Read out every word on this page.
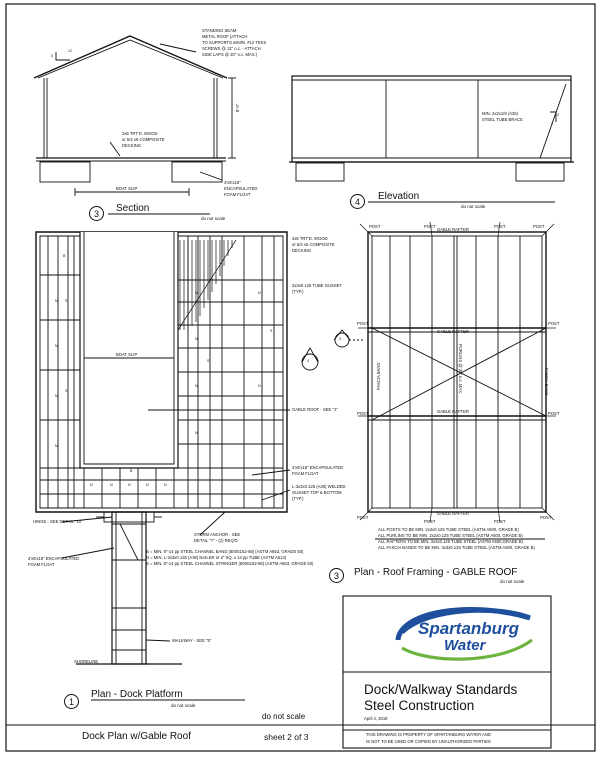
STANDING SEAM
METAL ROOF (ATTACH
TO SUPPORTS w/MIN. #12 TEKS
SCREWS @ 12" o.c. - ATTACH
SIDE LAPS @ 20" o.c. MAX.)
12
5
8'-0"
2x6 TRT'D. WOOD
or 5/4 x6 COMPOSITE
DECKING
4'x6'x18"
ENCAPSULATED
FOAM FLOAT
BOAT SLIP
3	Section
do not scale
MIN. 2x2x1/8 (A36)
STEEL TUBE BRACE
2
1
4	Elevation
do not scale
BOAT SLIP
2x6 TRT'D. WOOD
or 5/4 x6 COMPOSITE
DECKING
3x3x0.125 TUBE GUSSET
(TYP.)
GABLE ROOF - SEE "2"
4'x6'x18" ENCAPSULATED
FOAM FLOAT
L-3x3x0.125 (A36) WELDED
GUSSET TOP & BOTTOM
(TYP.)
STORM ANCHOR - SEE
DETAIL "7" - (2) REQ'D.
B = MIN. 8"-14 pp STEEL CHANNEL BAND (800S162-68) (ASTM A653, GRADE 50)
N = MIN. L-3x3x0.125 (A36) NAILER or 2" SQ. x 14 pp TUBE (ASTM A513)
S = MIN. 8"-14 pp STEEL CHANNEL STRINGER (800S162-68) (ASTM A653, GRADE 50)
HINGE - SEE DETAIL "10"
4'x6'x18" ENCAPSULATED
FOAM FLOAT
WALKWAY - SEE "5"
SHORELINE
4
3
B
N
N
N
N
S
S
N
N
N
N
N
N
S
S
N	N	N	N	N
B
1
Plan - Dock Platform
do not scale
POST	POST	POST	POST
GABLE RAFTER
GABLE RAFTER
GABLE RAFTER
GABLE RAFTER
POST	POST
POST	POST
POST
POST	POST
POST
FASCIA BAND	FASCIA BAND
PURLINS @ 30" o.c. MAX.
ALL POSTS TO BE MIN. 2x2x0.125 TUBE STEEL (ASTM A500, GRADE B)
ALL PURLINS TO BE MIN. 2x2x0.125 TUBE STEEL (ASTM A500, GRADE B)
ALL RAFTERS TO BE MIN. 3x3x0.125 TUBE STEEL (ASTM A500,GRADE B)
ALL FASCIA BANDS TO BE MIN. 3x3x0.125 TUBE STEEL (ASTM A500, GRADE B)
3	Plan - Roof Framing - GABLE ROOF
do not scale
Spartanburg
Water
Dock/Walkway Standards
Steel Construction
April 4, 2019
THIS DRAWING IS PROPERTY OF SPARTANBURG WATER AND
IS NOT TO BE USED OR COPIED BY UNAUTHORIZED PARTIES
do not scale
Dock Plan w/Gable Roof	sheet 2 of 3
